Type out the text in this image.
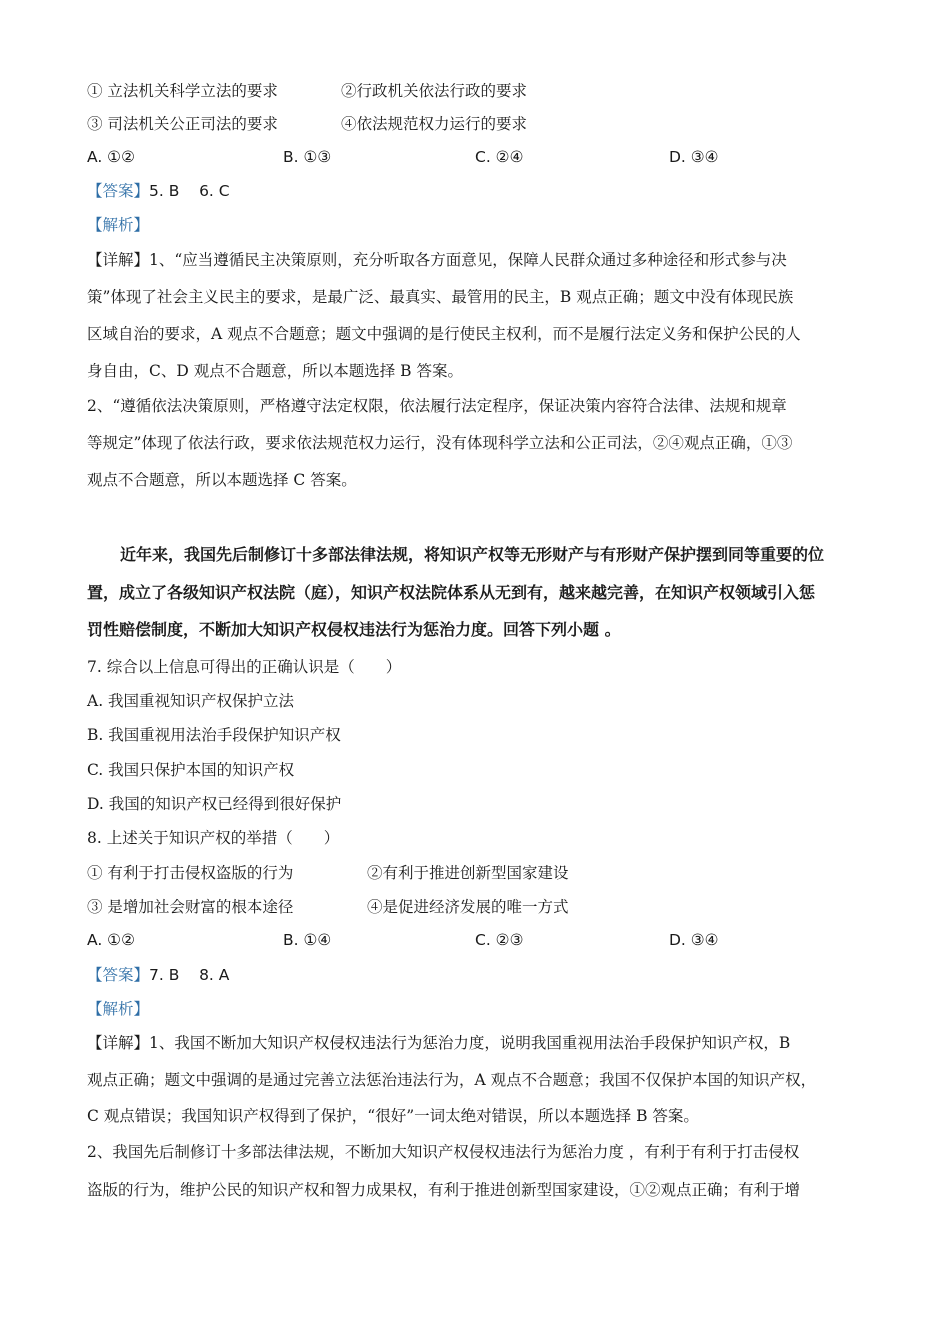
① 立法机关科学立法的要求	②行政机关依法行政的要求
③ 司法机关公正司法的要求	④依法规范权力运行的要求
A. ①②	B. ①③	C. ②④	D. ③④
【答案】5. B    6. C
【解析】
【详解】1、“应当遵循民主决策原则，充分听取各方面意见，保障人民群众通过多种途径和形式参与决
策”体现了社会主义民主的要求，是最广泛、最真实、最管用的民主，B 观点正确；题文中没有体现民族
区域自治的要求，A 观点不合题意；题文中强调的是行使民主权利，而不是履行法定义务和保护公民的人
身自由，C、D 观点不合题意，所以本题选择 B 答案。
2、“遵循依法决策原则，严格遵守法定权限，依法履行法定程序，保证决策内容符合法律、法规和规章
等规定”体现了依法行政，要求依法规范权力运行，没有体现科学立法和公正司法，②④观点正确，①③
观点不合题意，所以本题选择 C 答案。
近年来，我国先后制修订十多部法律法规，将知识产权等无形财产与有形财产保护摆到同等重要的位
置，成立了各级知识产权法院（庭），知识产权法院体系从无到有，越来越完善，在知识产权领域引入惩
罚性赔偿制度，不断加大知识产权侵权违法行为惩治力度。回答下列小题 。
7. 综合以上信息可得出的正确认识是（　　）
A. 我国重视知识产权保护立法
B. 我国重视用法治手段保护知识产权
C. 我国只保护本国的知识产权
D. 我国的知识产权已经得到很好保护
8. 上述关于知识产权的举措（　　）
① 有利于打击侵权盗版的行为	②有利于推进创新型国家建设
③ 是增加社会财富的根本途径	④是促进经济发展的唯一方式
A. ①②	B. ①④	C. ②③	D. ③④
【答案】7. B    8. A
【解析】
【详解】1、我国不断加大知识产权侵权违法行为惩治力度，说明我国重视用法治手段保护知识产权，B
观点正确；题文中强调的是通过完善立法惩治违法行为，A 观点不合题意；我国不仅保护本国的知识产权，
C 观点错误；我国知识产权得到了保护，“很好”一词太绝对错误，所以本题选择 B 答案。
2、我国先后制修订十多部法律法规，不断加大知识产权侵权违法行为惩治力度 ，有利于有利于打击侵权
盗版的行为，维护公民的知识产权和智力成果权，有利于推进创新型国家建设，①②观点正确；有利于增
